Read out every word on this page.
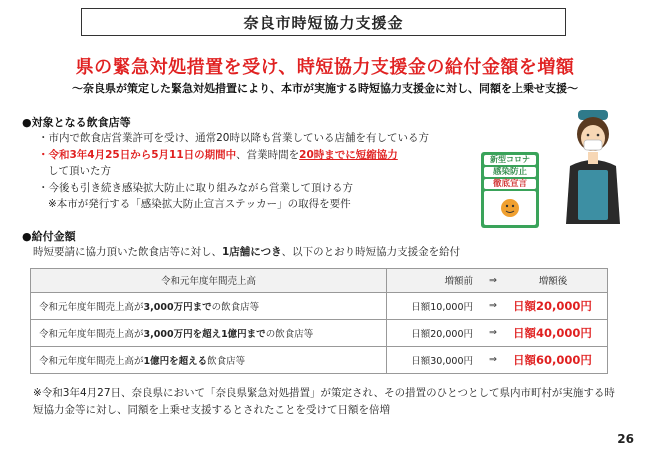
奈良市時短協力支援金
県の緊急対処措置を受け、時短協力支援金の給付金額を増額
～奈良県が策定した緊急対処措置により、本市が実施する時短協力支援金に対し、同額を上乗せ支援～
●対象となる飲食店等
・市内で飲食店営業許可を受け、通常20時以降も営業している店舗を有している方
・令和3年4月25日から5月11日の期間中、営業時間を20時までに短縮協力
して頂いた方
・今後も引き続き感染拡大防止に取り組みながら営業して頂ける方
※本市が発行する「感染拡大防止宣言ステッカー」の取得を要件
新型コロナ
感染防止
徹底宣言
●給付金額
時短要請に協力頂いた飲食店等に対し、1店舗につき、以下のとおり時短協力支援金を給付
令和元年度年間売上高	増額前 ⇒ 増額後

令和元年度年間売上高が3,000万円までの飲食店等	日額10,000円 ⇒ 日額20,000円

令和元年度年間売上高が3,000万円を超え1億円までの飲食店等	日額20,000円 ⇒ 日額40,000円

令和元年度年間売上高が1億円を超える飲食店等	日額30,000円 ⇒ 日額60,000円
※令和3年4月27日、奈良県において「奈良県緊急対処措置」が策定され、その措置のひとつとして県内市町村が実施する時短協力金等に対し、同額を上乗せ支援するとされたことを受けて日額を倍増
26
